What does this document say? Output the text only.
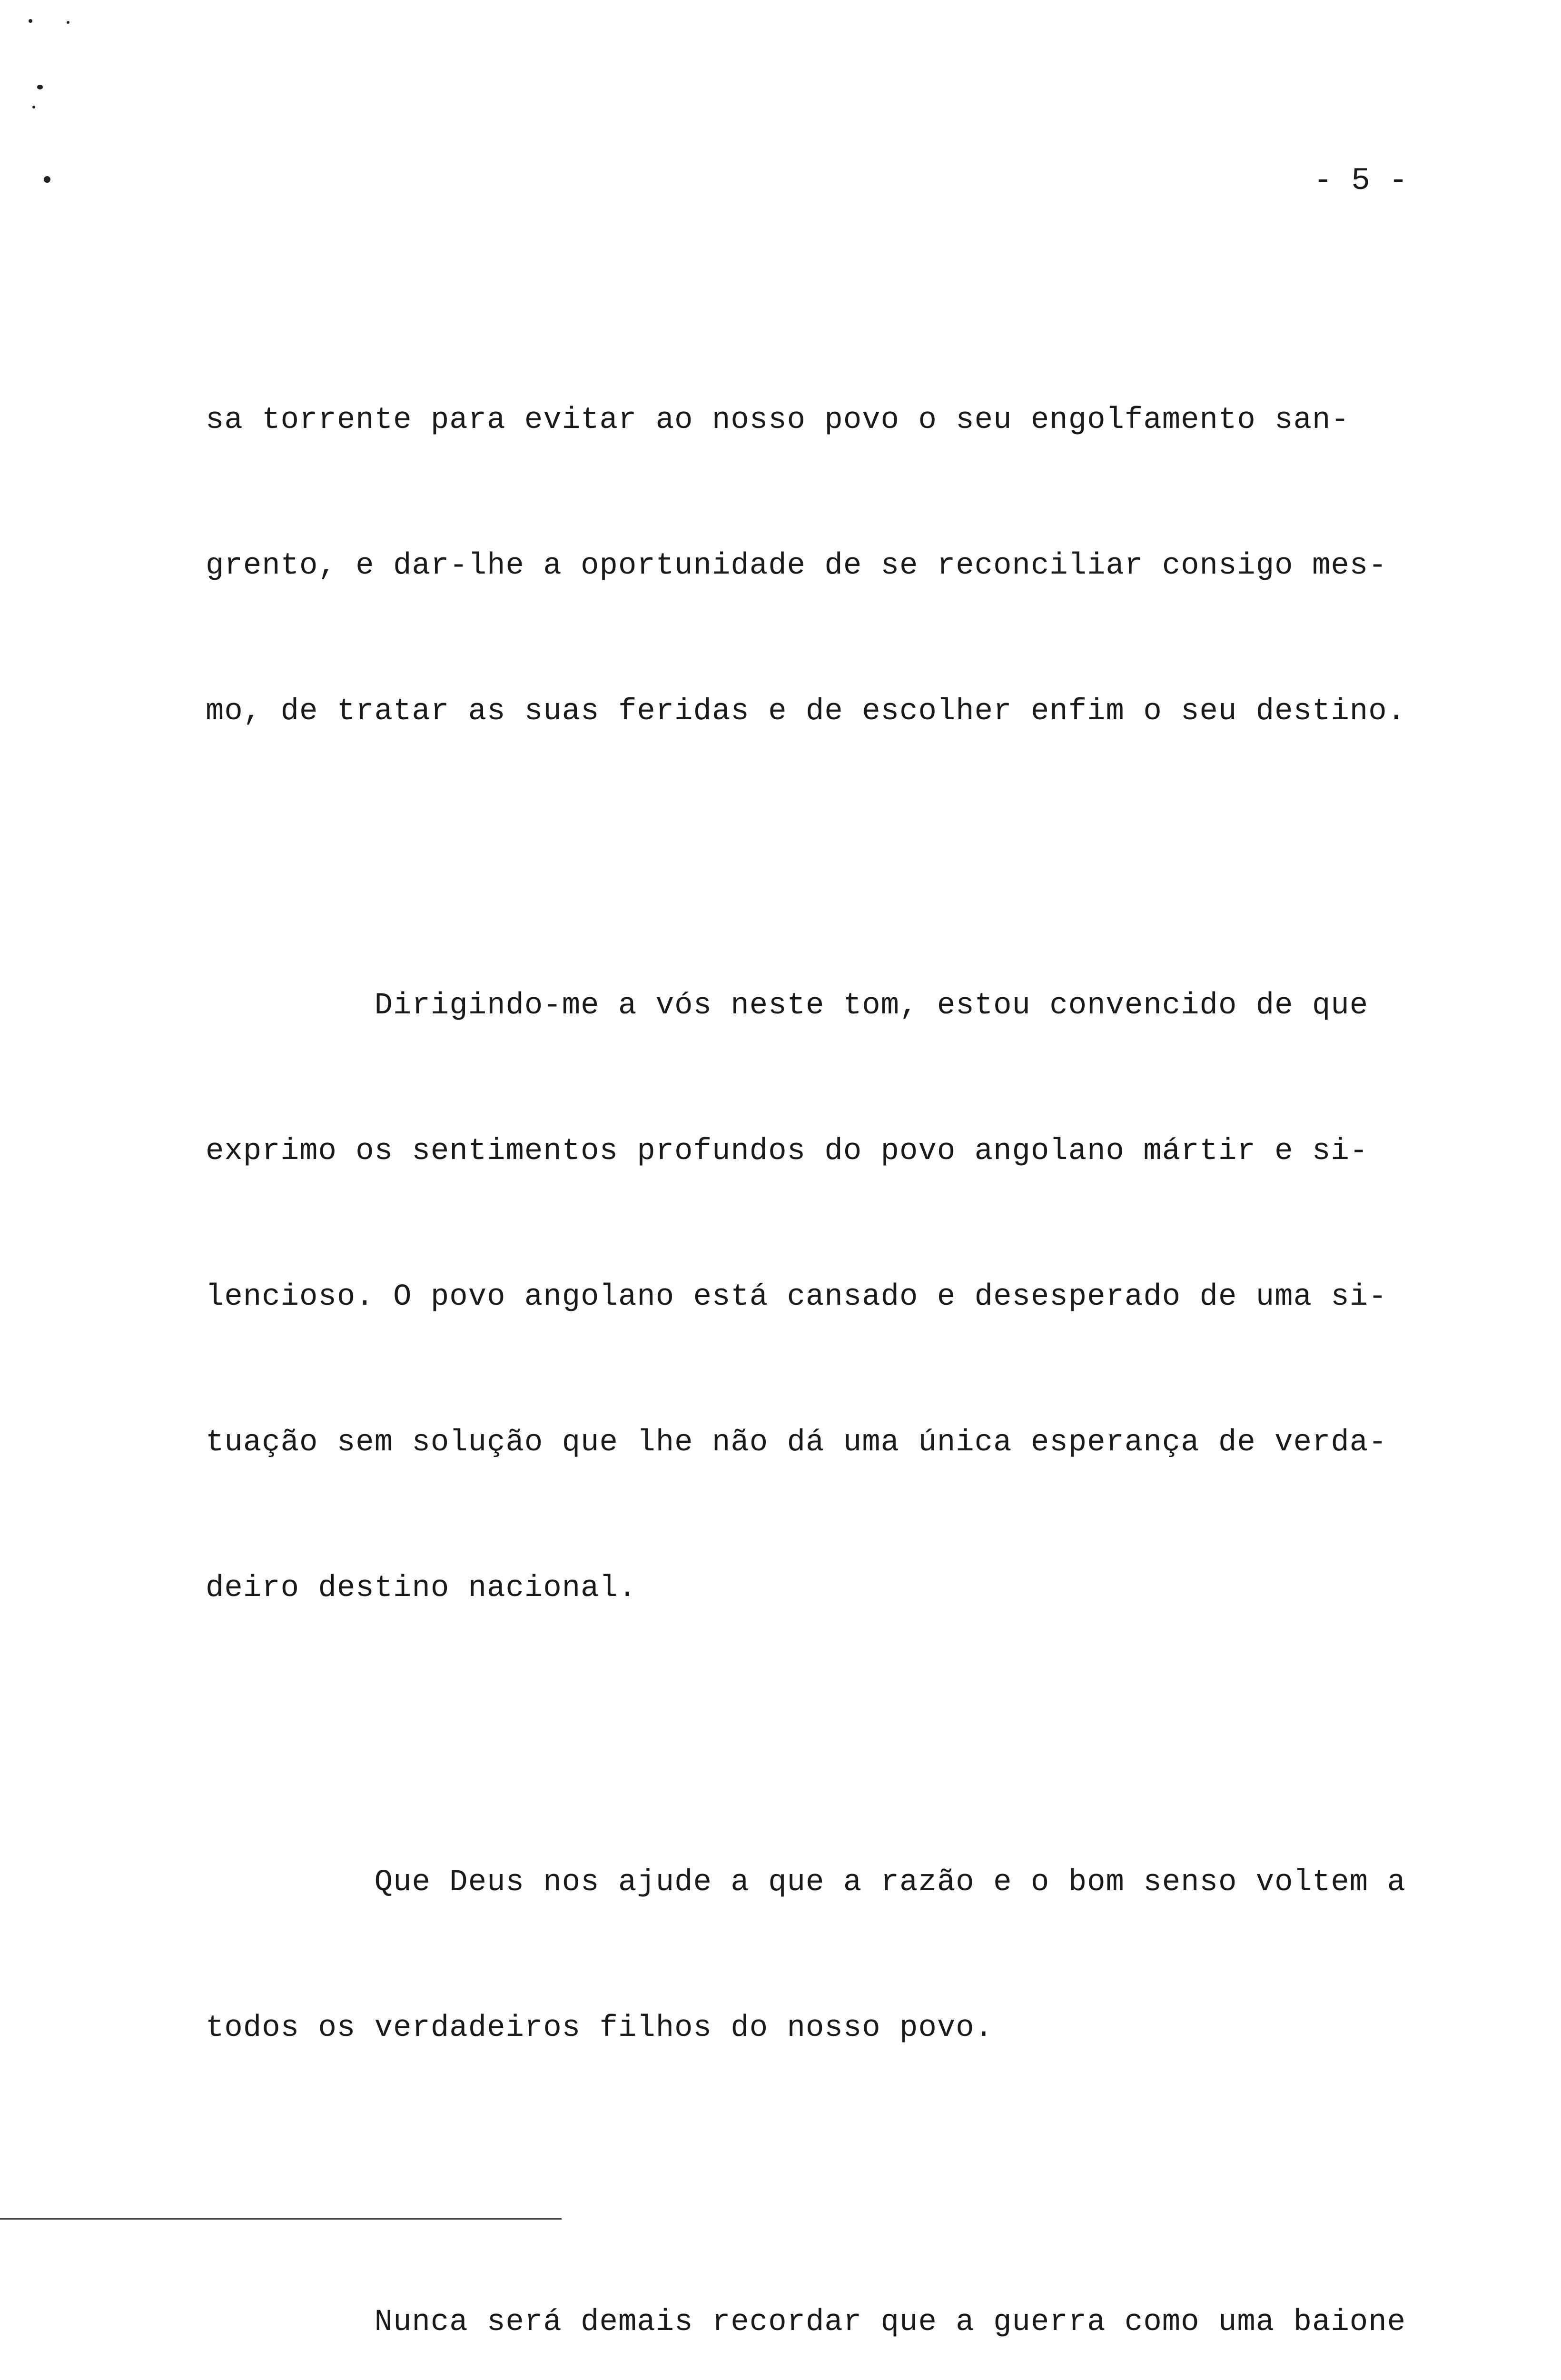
- 5 -

sa torrente para evitar ao nosso povo o seu engolfamento san-

grento, e dar-lhe a oportunidade de se reconciliar consigo mes-

mo, de tratar as suas feridas e de escolher enfim o seu destino.

Dirigindo-me a vós neste tom, estou convencido de que

exprimo os sentimentos profundos do povo angolano mártir e si-

lencioso. O povo angolano está cansado e desesperado de uma si-

tuação sem solução que lhe não dá uma única esperança de verda-

deiro destino nacional.

Que Deus nos ajude a que a razão e o bom senso voltem a

todos os verdadeiros filhos do nosso povo.

Nunca será demais recordar que a guerra como uma baione
